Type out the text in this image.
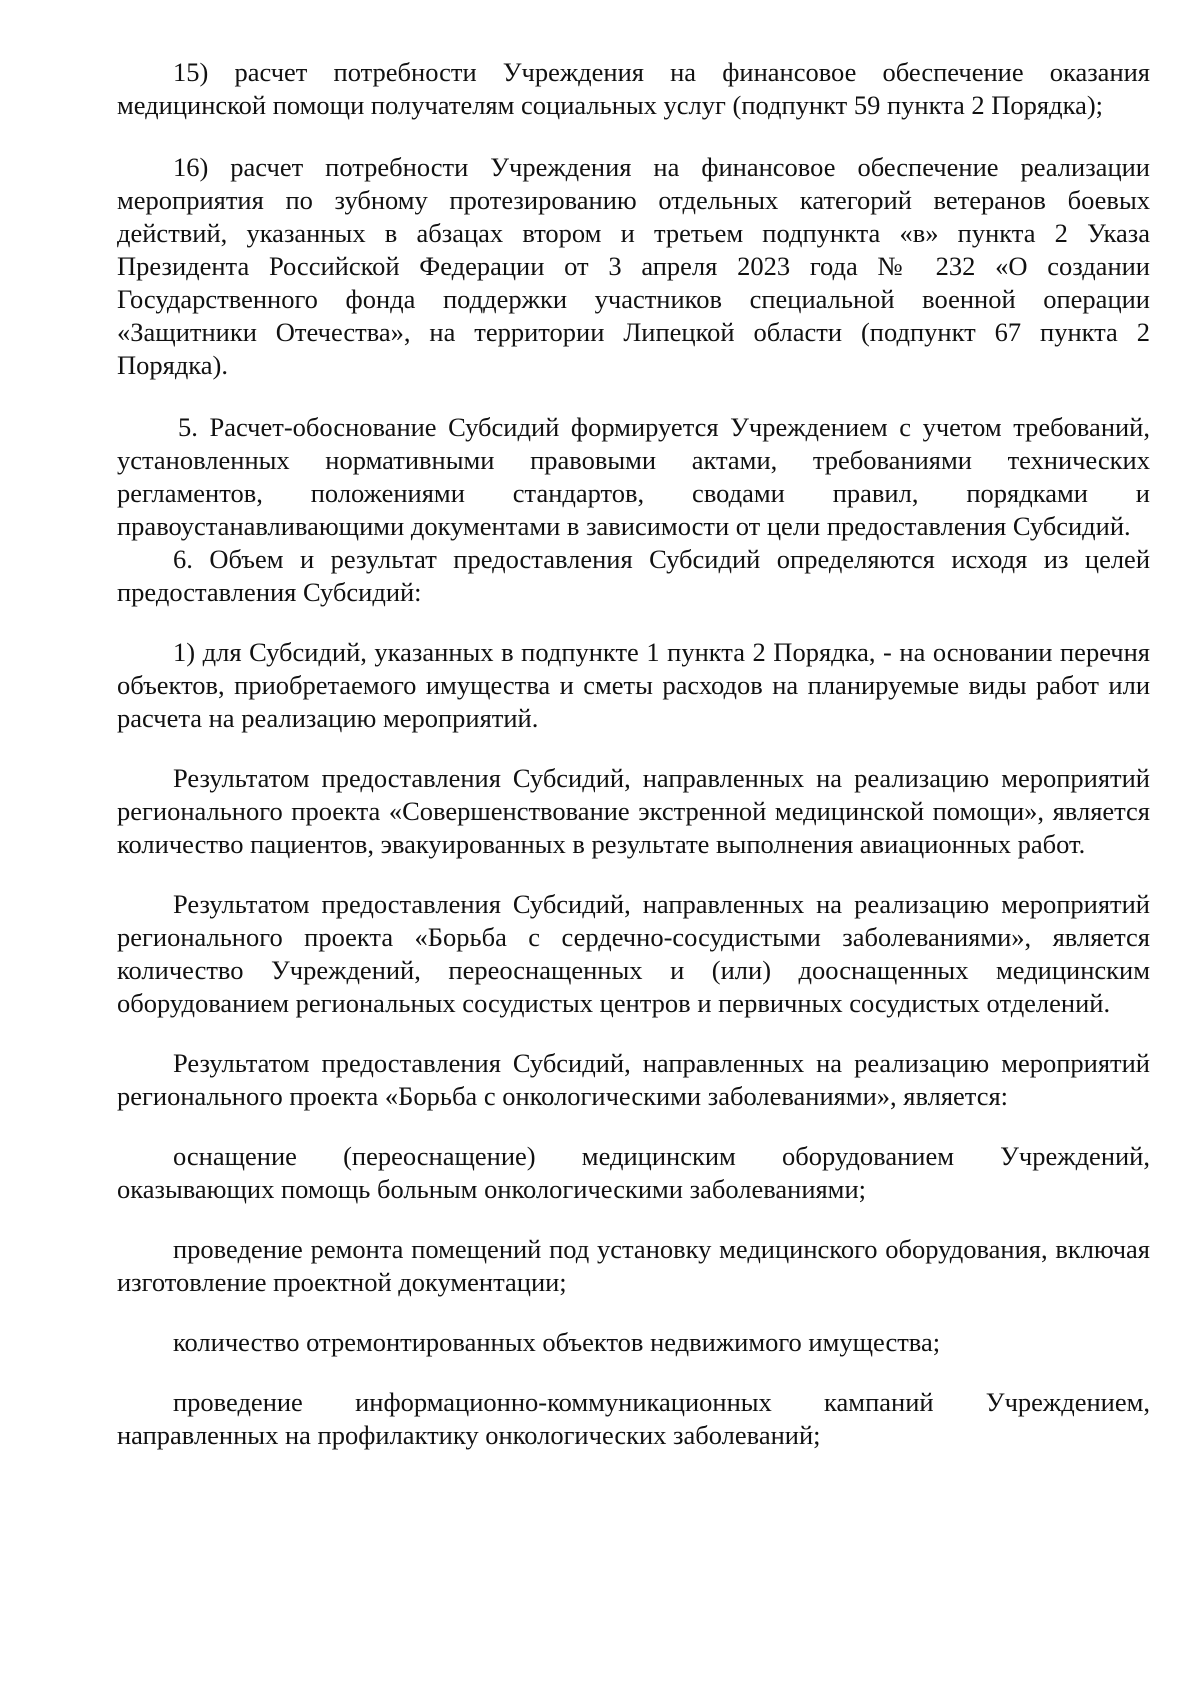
15) расчет потребности Учреждения на финансовое обеспечение оказания медицинской помощи получателям социальных услуг (подпункт 59 пункта 2 Порядка);

16) расчет потребности Учреждения на финансовое обеспечение реализации мероприятия по зубному протезированию отдельных категорий ветеранов боевых действий, указанных в абзацах втором и третьем подпункта «в» пункта 2 Указа Президента Российской Федерации от 3 апреля 2023 года № 232 «О создании Государственного фонда поддержки участников специальной военной операции «Защитники Отечества», на территории Липецкой области (подпункт 67 пункта 2 Порядка).

5. Расчет-обоснование Субсидий формируется Учреждением с учетом требований, установленных нормативными правовыми актами, требованиями технических регламентов, положениями стандартов, сводами правил, порядками и правоустанавливающими документами в зависимости от цели предоставления Субсидий.

6. Объем и результат предоставления Субсидий определяются исходя из целей предоставления Субсидий:

1) для Субсидий, указанных в подпункте 1 пункта 2 Порядка, - на основании перечня объектов, приобретаемого имущества и сметы расходов на планируемые виды работ или расчета на реализацию мероприятий.

Результатом предоставления Субсидий, направленных на реализацию мероприятий регионального проекта «Совершенствование экстренной медицинской помощи», является количество пациентов, эвакуированных в результате выполнения авиационных работ.

Результатом предоставления Субсидий, направленных на реализацию мероприятий регионального проекта «Борьба с сердечно-сосудистыми заболеваниями», является количество Учреждений, переоснащенных и (или) дооснащенных медицинским оборудованием региональных сосудистых центров и первичных сосудистых отделений.

Результатом предоставления Субсидий, направленных на реализацию мероприятий регионального проекта «Борьба с онкологическими заболеваниями», является:

оснащение (переоснащение) медицинским оборудованием Учреждений, оказывающих помощь больным онкологическими заболеваниями;

проведение ремонта помещений под установку медицинского оборудования, включая изготовление проектной документации;

количество отремонтированных объектов недвижимого имущества;

проведение информационно-коммуникационных кампаний Учреждением, направленных на профилактику онкологических заболеваний;
